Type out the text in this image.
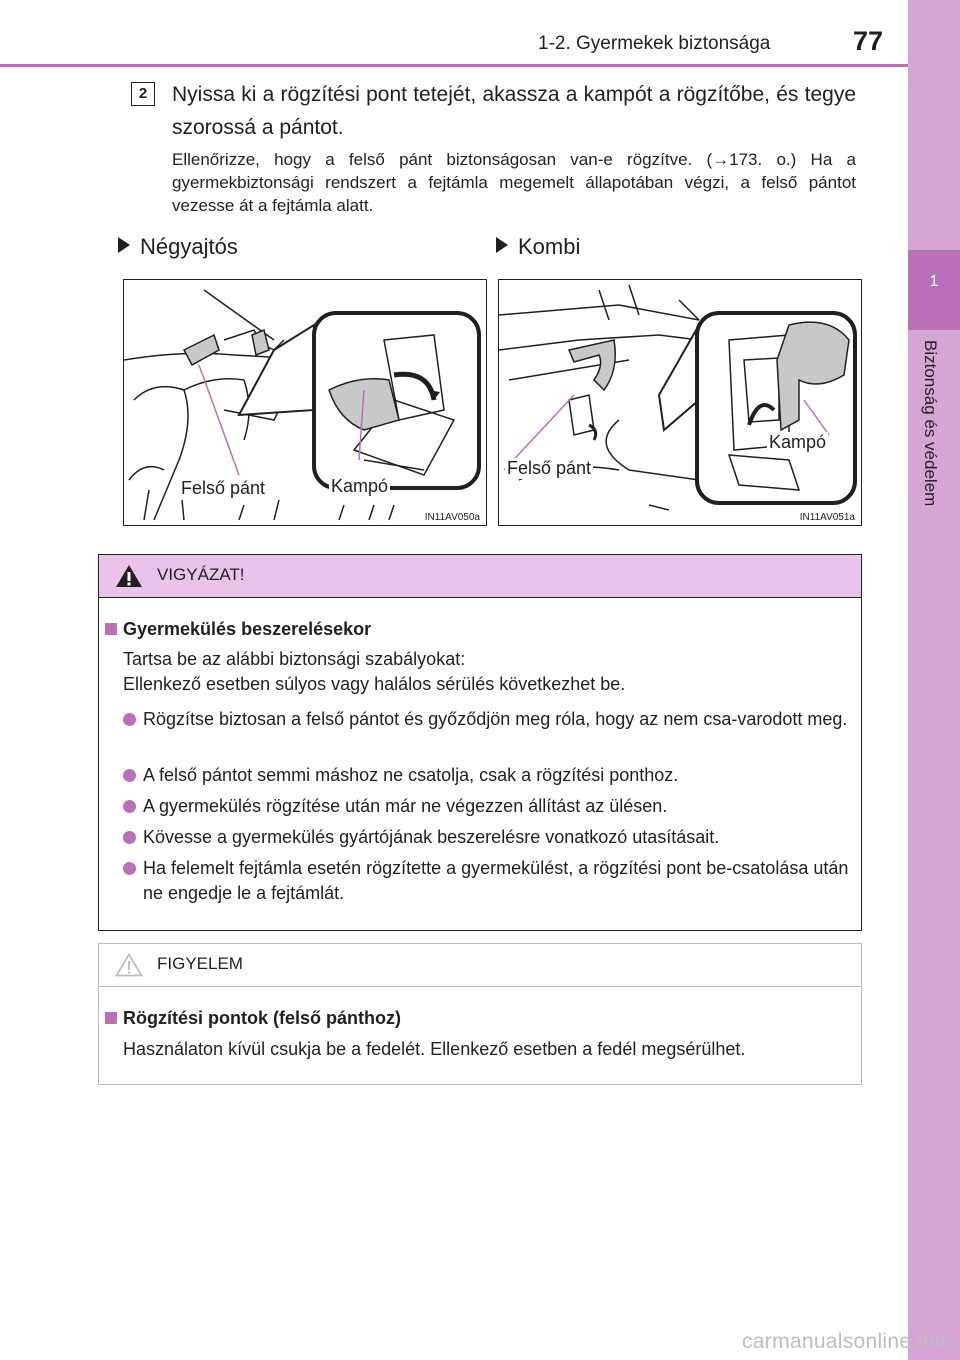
1-2. Gyermekek biztonsága	77
1
Biztonság és védelem
2	Nyissa ki a rögzítési pont tetejét, akassza a kampót a rögzítőbe, és tegye szorossá a pántot.
Ellenőrizze, hogy a felső pánt biztonságosan van-e rögzítve. (→173. o.) Ha a gyermekbiztonsági rendszert a fejtámla megemelt állapotában végzi, a felső pántot vezesse át a fejtámla alatt.
Négyajtós	Kombi
Felső pánt	Kampó
IN11AV050a
Felső pánt
Kampó
IN11AV051a
VIGYÁZAT!
Gyermekülés beszerelésekor
Tartsa be az alábbi biztonsági szabályokat:
Ellenkező esetben súlyos vagy halálos sérülés következhet be.
Rögzítse biztosan a felső pántot és győződjön meg róla, hogy az nem csa-varodott meg.
A felső pántot semmi máshoz ne csatolja, csak a rögzítési ponthoz.
A gyermekülés rögzítése után már ne végezzen állítást az ülésen.
Kövesse a gyermekülés gyártójának beszerelésre vonatkozó utasításait.
Ha felemelt fejtámla esetén rögzítette a gyermekülést, a rögzítési pont be-csatolása után ne engedje le a fejtámlát.
FIGYELEM
Rögzítési pontok (felső pánthoz)
Használaton kívül csukja be a fedelét. Ellenkező esetben a fedél megsérülhet.
carmanualsonline.info
